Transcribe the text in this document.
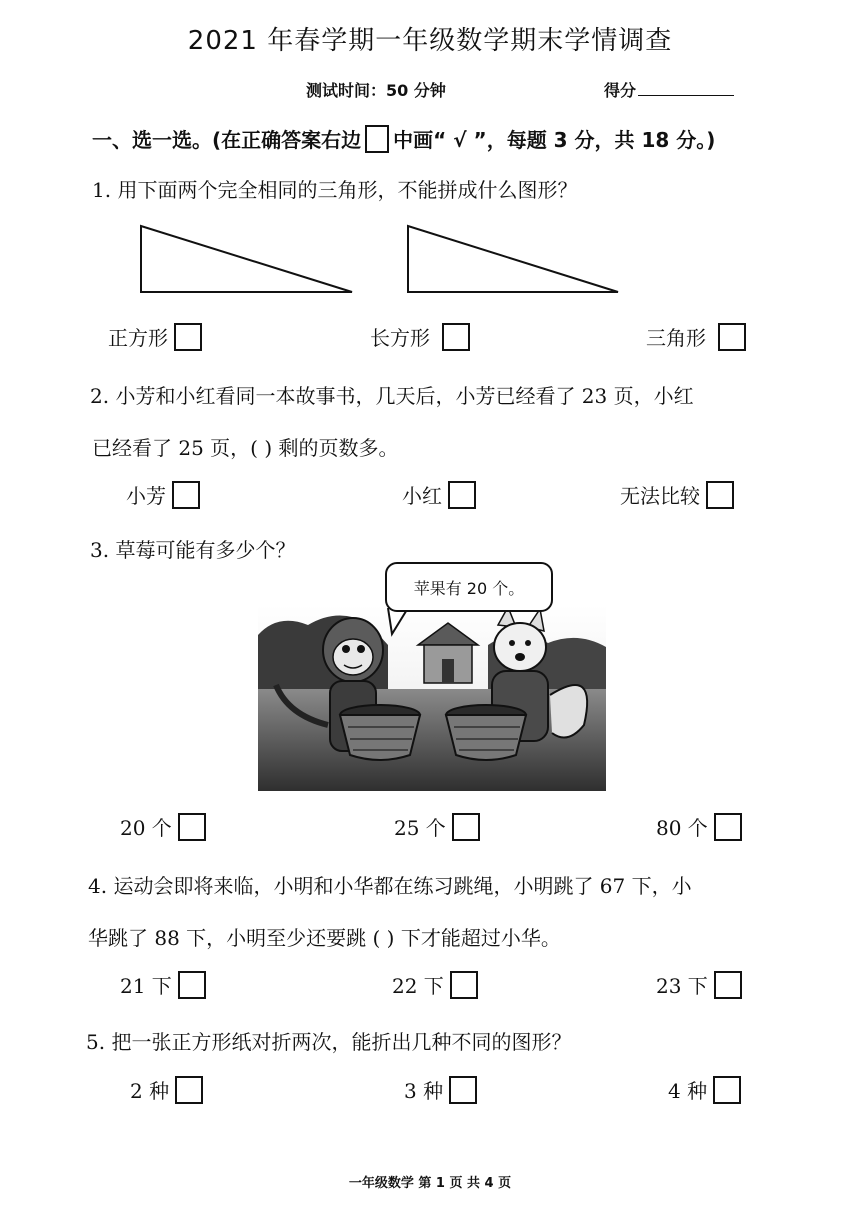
2021 年春学期一年级数学期末学情调查
测试时间：50 分钟	得分
一、选一选。(在正确答案右边 中画“ √ ”，每题 3 分，共 18 分。)
1. 用下面两个完全相同的三角形，不能拼成什么图形？
正方形	长方形	三角形
2. 小芳和小红看同一本故事书，几天后，小芳已经看了 23 页，小红
已经看了 25 页，( ) 剩的页数多。
小芳	小红	无法比较
3. 草莓可能有多少个？
苹果有 20 个。
20 个	25 个	80 个
4. 运动会即将来临，小明和小华都在练习跳绳，小明跳了 67 下，小
华跳了 88 下，小明至少还要跳 ( ) 下才能超过小华。
21 下	22 下	23 下
5. 把一张正方形纸对折两次，能折出几种不同的图形？
2 种	3 种	4 种
一年级数学 第 1 页 共 4 页
